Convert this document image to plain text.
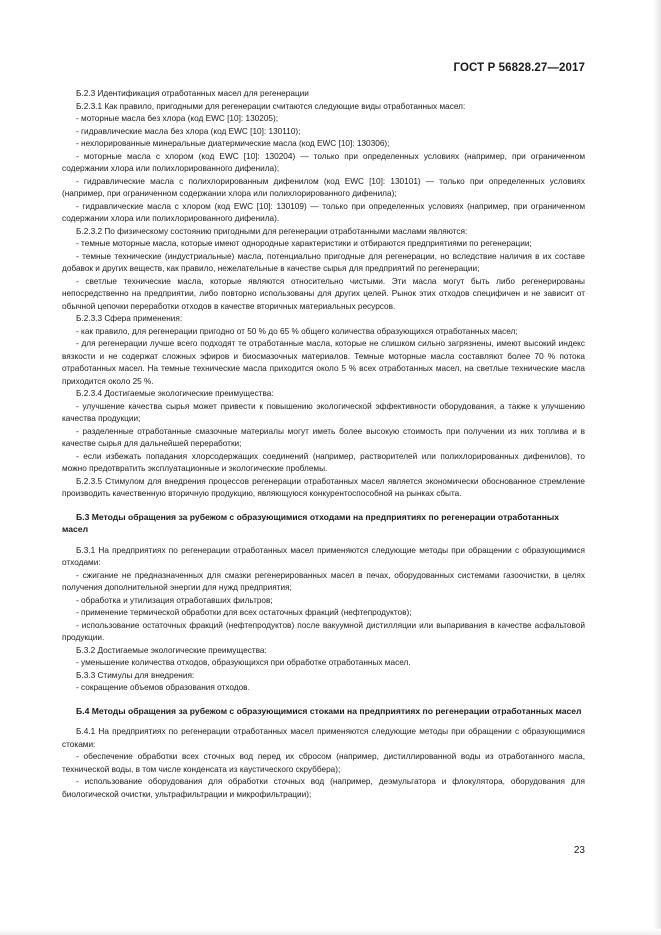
ГОСТ Р 56828.27—2017

Б.2.3 Идентификация отработанных масел для регенерации

Б.2.3.1 Как правило, пригодными для регенерации считаются следующие виды отработанных масел:

- моторные масла без хлора (код EWC [10]: 130205);

- гидравлические масла без хлора (код EWC [10]: 130110);

- нехлорированные минеральные диатермические масла (код EWC [10]: 130306);

- моторные масла с хлором (код EWC [10]: 130204) — только при определенных условиях (например, при ограниченном содержании хлора или полихлорированного дифенила);

- гидравлические масла с полихлорированным дифенилом (код EWC [10]: 130101) — только при определенных условиях (например, при ограниченном содержании хлора или полихлорированного дифенила);

- гидравлические масла с хлором (код EWC [10]: 130109) — только при определенных условиях (например, при ограниченном содержании хлора или полихлорированного дифенила).

Б.2.3.2 По физическому состоянию пригодными для регенерации отработанными маслами являются:

- темные моторные масла, которые имеют однородные характеристики и отбираются предприятиями по регенерации;

- темные технические (индустриальные) масла, потенциально пригодные для регенерации, но вследствие наличия в их составе добавок и других веществ, как правило, нежелательные в качестве сырья для предприятий по регенерации;

- светлые технические масла, которые являются относительно чистыми. Эти масла могут быть либо регенерированы непосредственно на предприятии, либо повторно использованы для других целей. Рынок этих отходов специфичен и не зависит от обычной цепочки переработки отходов в качестве вторичных материальных ресурсов.

Б.2.3.3 Сфера применения:

- как правило, для регенерации пригодно от 50 % до 65 % общего количества образующихся отработанных масел;

- для регенерации лучше всего подходят те отработанные масла, которые не слишком сильно загрязнены, имеют высокий индекс вязкости и не содержат сложных эфиров и биосмазочных материалов. Темные моторные масла составляют более 70 % потока отработанных масел. На темные технические масла приходится около 5 % всех отработанных масел, на светлые технические масла приходится около 25 %.

Б.2.3.4 Достигаемые экологические преимущества:

- улучшение качества сырья может привести к повышению экологической эффективности оборудования, а также к улучшению качества продукции;

- разделенные отработанные смазочные материалы могут иметь более высокую стоимость при получении из них топлива и в качестве сырья для дальнейшей переработки;

- если избежать попадания хлорсодержащих соединений (например, растворителей или полихлорированных дифенилов), то можно предотвратить эксплуатационные и экологические проблемы.

Б.2.3.5 Стимулом для внедрения процессов регенерации отработанных масел является экономически обоснованное стремление производить качественную вторичную продукцию, являющуюся конкурентоспособной на рынках сбыта.

Б.3 Методы обращения за рубежом с образующимися отходами на предприятиях по регенерации отработанных масел

Б.3.1 На предприятиях по регенерации отработанных масел применяются следующие методы при обращении с образующимися отходами:

- сжигание не предназначенных для смазки регенерированных масел в печах, оборудованных системами газоочистки, в целях получения дополнительной энергии для нужд предприятия;

- обработка и утилизация отработавших фильтров;

- применение термической обработки для всех остаточных фракций (нефтепродуктов);

- использование остаточных фракций (нефтепродуктов) после вакуумной дистилляции или выпаривания в качестве асфальтовой продукции.

Б.3.2 Достигаемые экологические преимущества:

- уменьшение количества отходов, образующихся при обработке отработанных масел.

Б.3.3 Стимулы для внедрения:

- сокращение объемов образования отходов.

Б.4 Методы обращения за рубежом с образующимися стоками на предприятиях по регенерации отработанных масел

Б.4.1 На предприятиях по регенерации отработанных масел применяются следующие методы при обращении с образующимися стоками:

- обеспечение обработки всех сточных вод перед их сбросом (например, дистиллированной воды из отработанного масла, технической воды, в том числе конденсата из каустического скруббера);

- использование оборудования для обработки сточных вод (например, деэмульгатора и флокулятора, оборудования для биологической очистки, ультрафильтрации и микрофильтрации);

23
